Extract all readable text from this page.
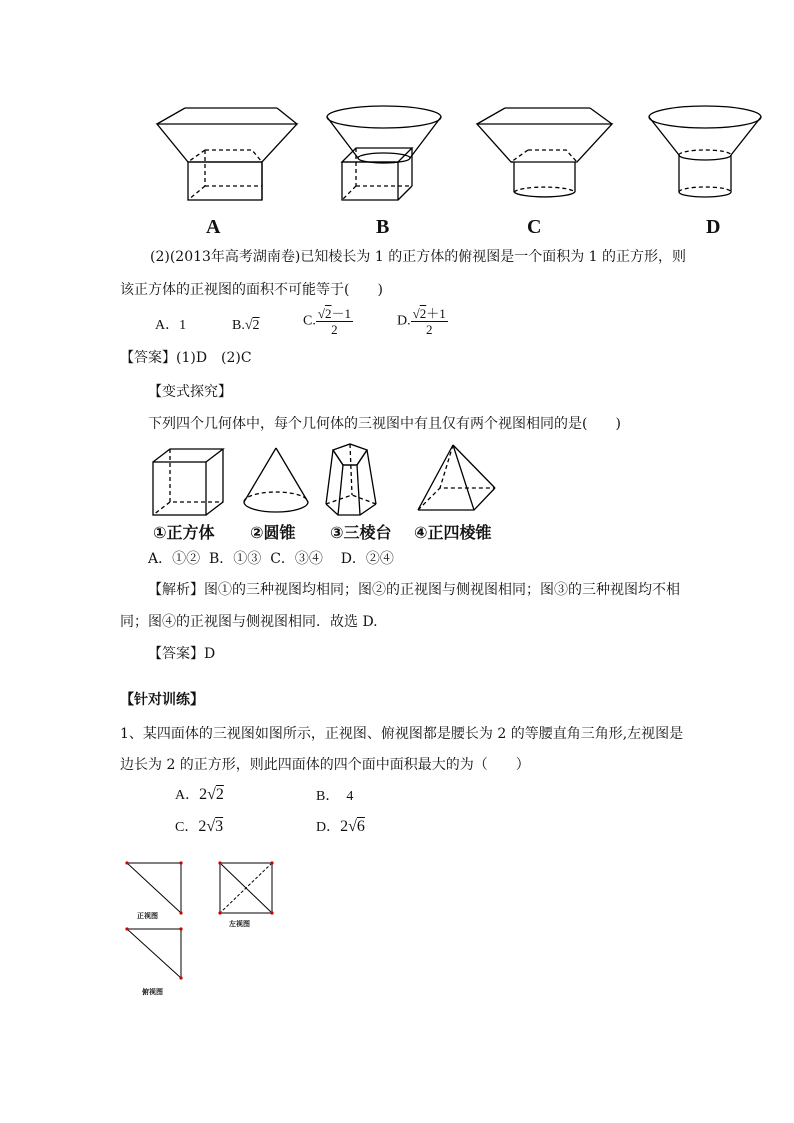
A	B	C	D
(2)(2013年高考湖南卷)已知棱长为 1 的正方体的俯视图是一个面积为 1 的正方形，则
该正方体的正视图的面积不可能等于(　　)
A．1	B.√2	C. $\frac{√2-1}{2}$	D. $\frac{√2+1}{2}$
【答案】(1)D　(2)C
【变式探究】
下列四个几何体中，每个几何体的三视图中有且仅有两个视图相同的是(　　)
①正方体 ②圆锥 ③三棱台 ④正四棱锥
A．①②  B．①③  C．③④    D．②④
【解析】图①的三种视图均相同；图②的正视图与侧视图相同；图③的三种视图均不相
同；图④的正视图与侧视图相同．故选 D.
【答案】D
【针对训练】
1、某四面体的三视图如图所示，正视图、俯视图都是腰长为 2 的等腰直角三角形,左视图是
边长为 2 的正方形，则此四面体的四个面中面积最大的为（　　）
A．2√2	B．　4
C．2√3	D．2√6
正视图
左视图
俯视图
